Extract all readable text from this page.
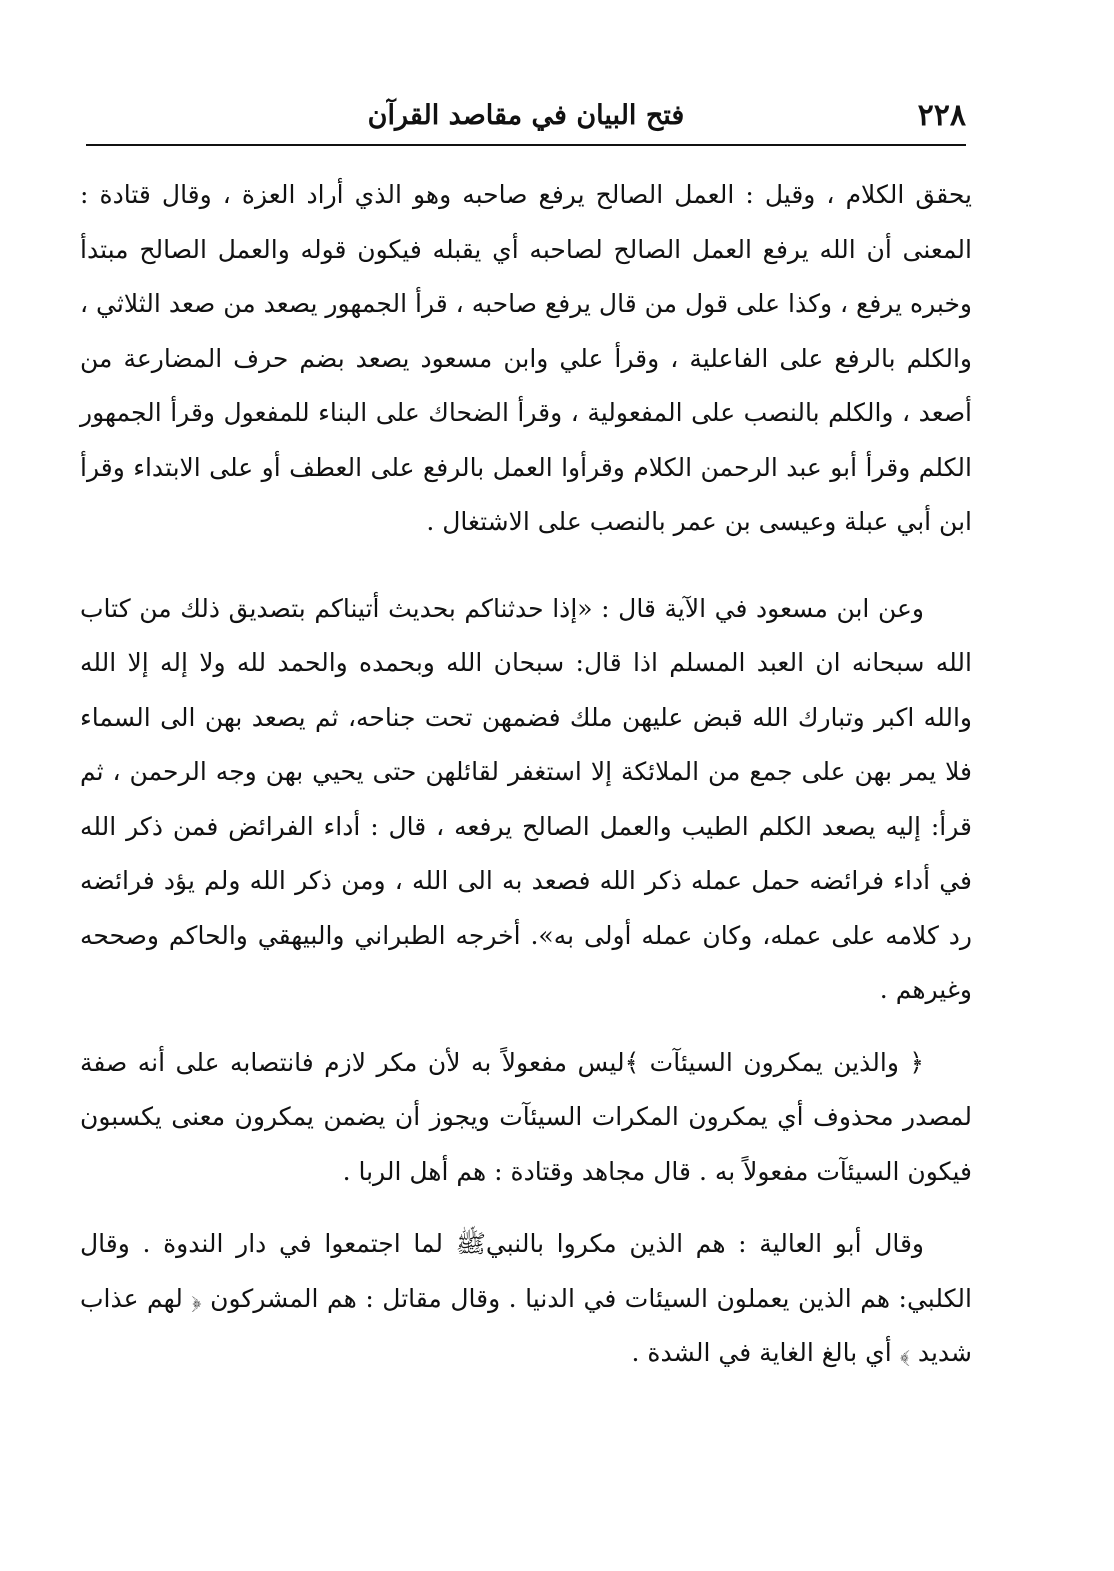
٢٢٨
فتح البيان في مقاصد القرآن

يحقق الكلام ، وقيل : العمل الصالح يرفع صاحبه وهو الذي أراد العزة ، وقال قتادة : المعنى أن الله يرفع العمل الصالح لصاحبه أي يقبله فيكون قوله والعمل الصالح مبتدأ وخبره يرفع ، وكذا على قول من قال يرفع صاحبه ، قرأ الجمهور يصعد من صعد الثلاثي ، والكلم بالرفع على الفاعلية ، وقرأ علي وابن مسعود يصعد بضم حرف المضارعة من أصعد ، والكلم بالنصب على المفعولية ، وقرأ الضحاك على البناء للمفعول وقرأ الجمهور الكلم وقرأ أبو عبد الرحمن الكلام وقرأوا العمل بالرفع على العطف أو على الابتداء وقرأ ابن أبي عبلة وعيسى بن عمر بالنصب على الاشتغال .

وعن ابن مسعود في الآية قال : «إذا حدثناكم بحديث أتيناكم بتصديق ذلك من كتاب الله سبحانه ان العبد المسلم اذا قال: سبحان الله وبحمده والحمد لله ولا إله إلا الله والله اكبر وتبارك الله قبض عليهن ملك فضمهن تحت جناحه، ثم يصعد بهن الى السماء فلا يمر بهن على جمع من الملائكة إلا استغفر لقائلهن حتى يحيي بهن وجه الرحمن ، ثم قرأ: إليه يصعد الكلم الطيب والعمل الصالح يرفعه ، قال : أداء الفرائض فمن ذكر الله في أداء فرائضه حمل عمله ذكر الله فصعد به الى الله ، ومن ذكر الله ولم يؤد فرائضه رد كلامه على عمله، وكان عمله أولى به». أخرجه الطبراني والبيهقي والحاكم وصححه وغيرهم .

﴿ والذين يمكرون السيئآت ﴾ليس مفعولاً به لأن مكر لازم فانتصابه على أنه صفة لمصدر محذوف أي يمكرون المكرات السيئآت ويجوز أن يضمن يمكرون معنى يكسبون فيكون السيئآت مفعولاً به . قال مجاهد وقتادة : هم أهل الربا .

وقال أبو العالية : هم الذين مكروا بالنبيﷺ لما اجتمعوا في دار الندوة . وقال الكلبي: هم الذين يعملون السيئات في الدنيا . وقال مقاتل : هم المشركون ﴿ لهم عذاب شديد ﴾ أي بالغ الغاية في الشدة .
